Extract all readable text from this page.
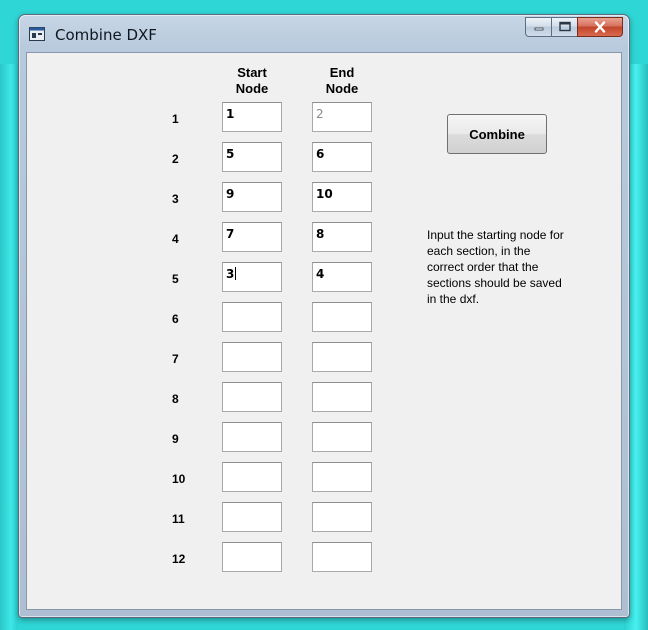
Combine DXF
Start Node
End Node
1	1	2
2	5	6
3	9	10
4	7	8
5	3	4
6
7
8
9
10
11
12
Combine
Input the starting node for each section, in the correct order that the sections should be saved in the dxf.
